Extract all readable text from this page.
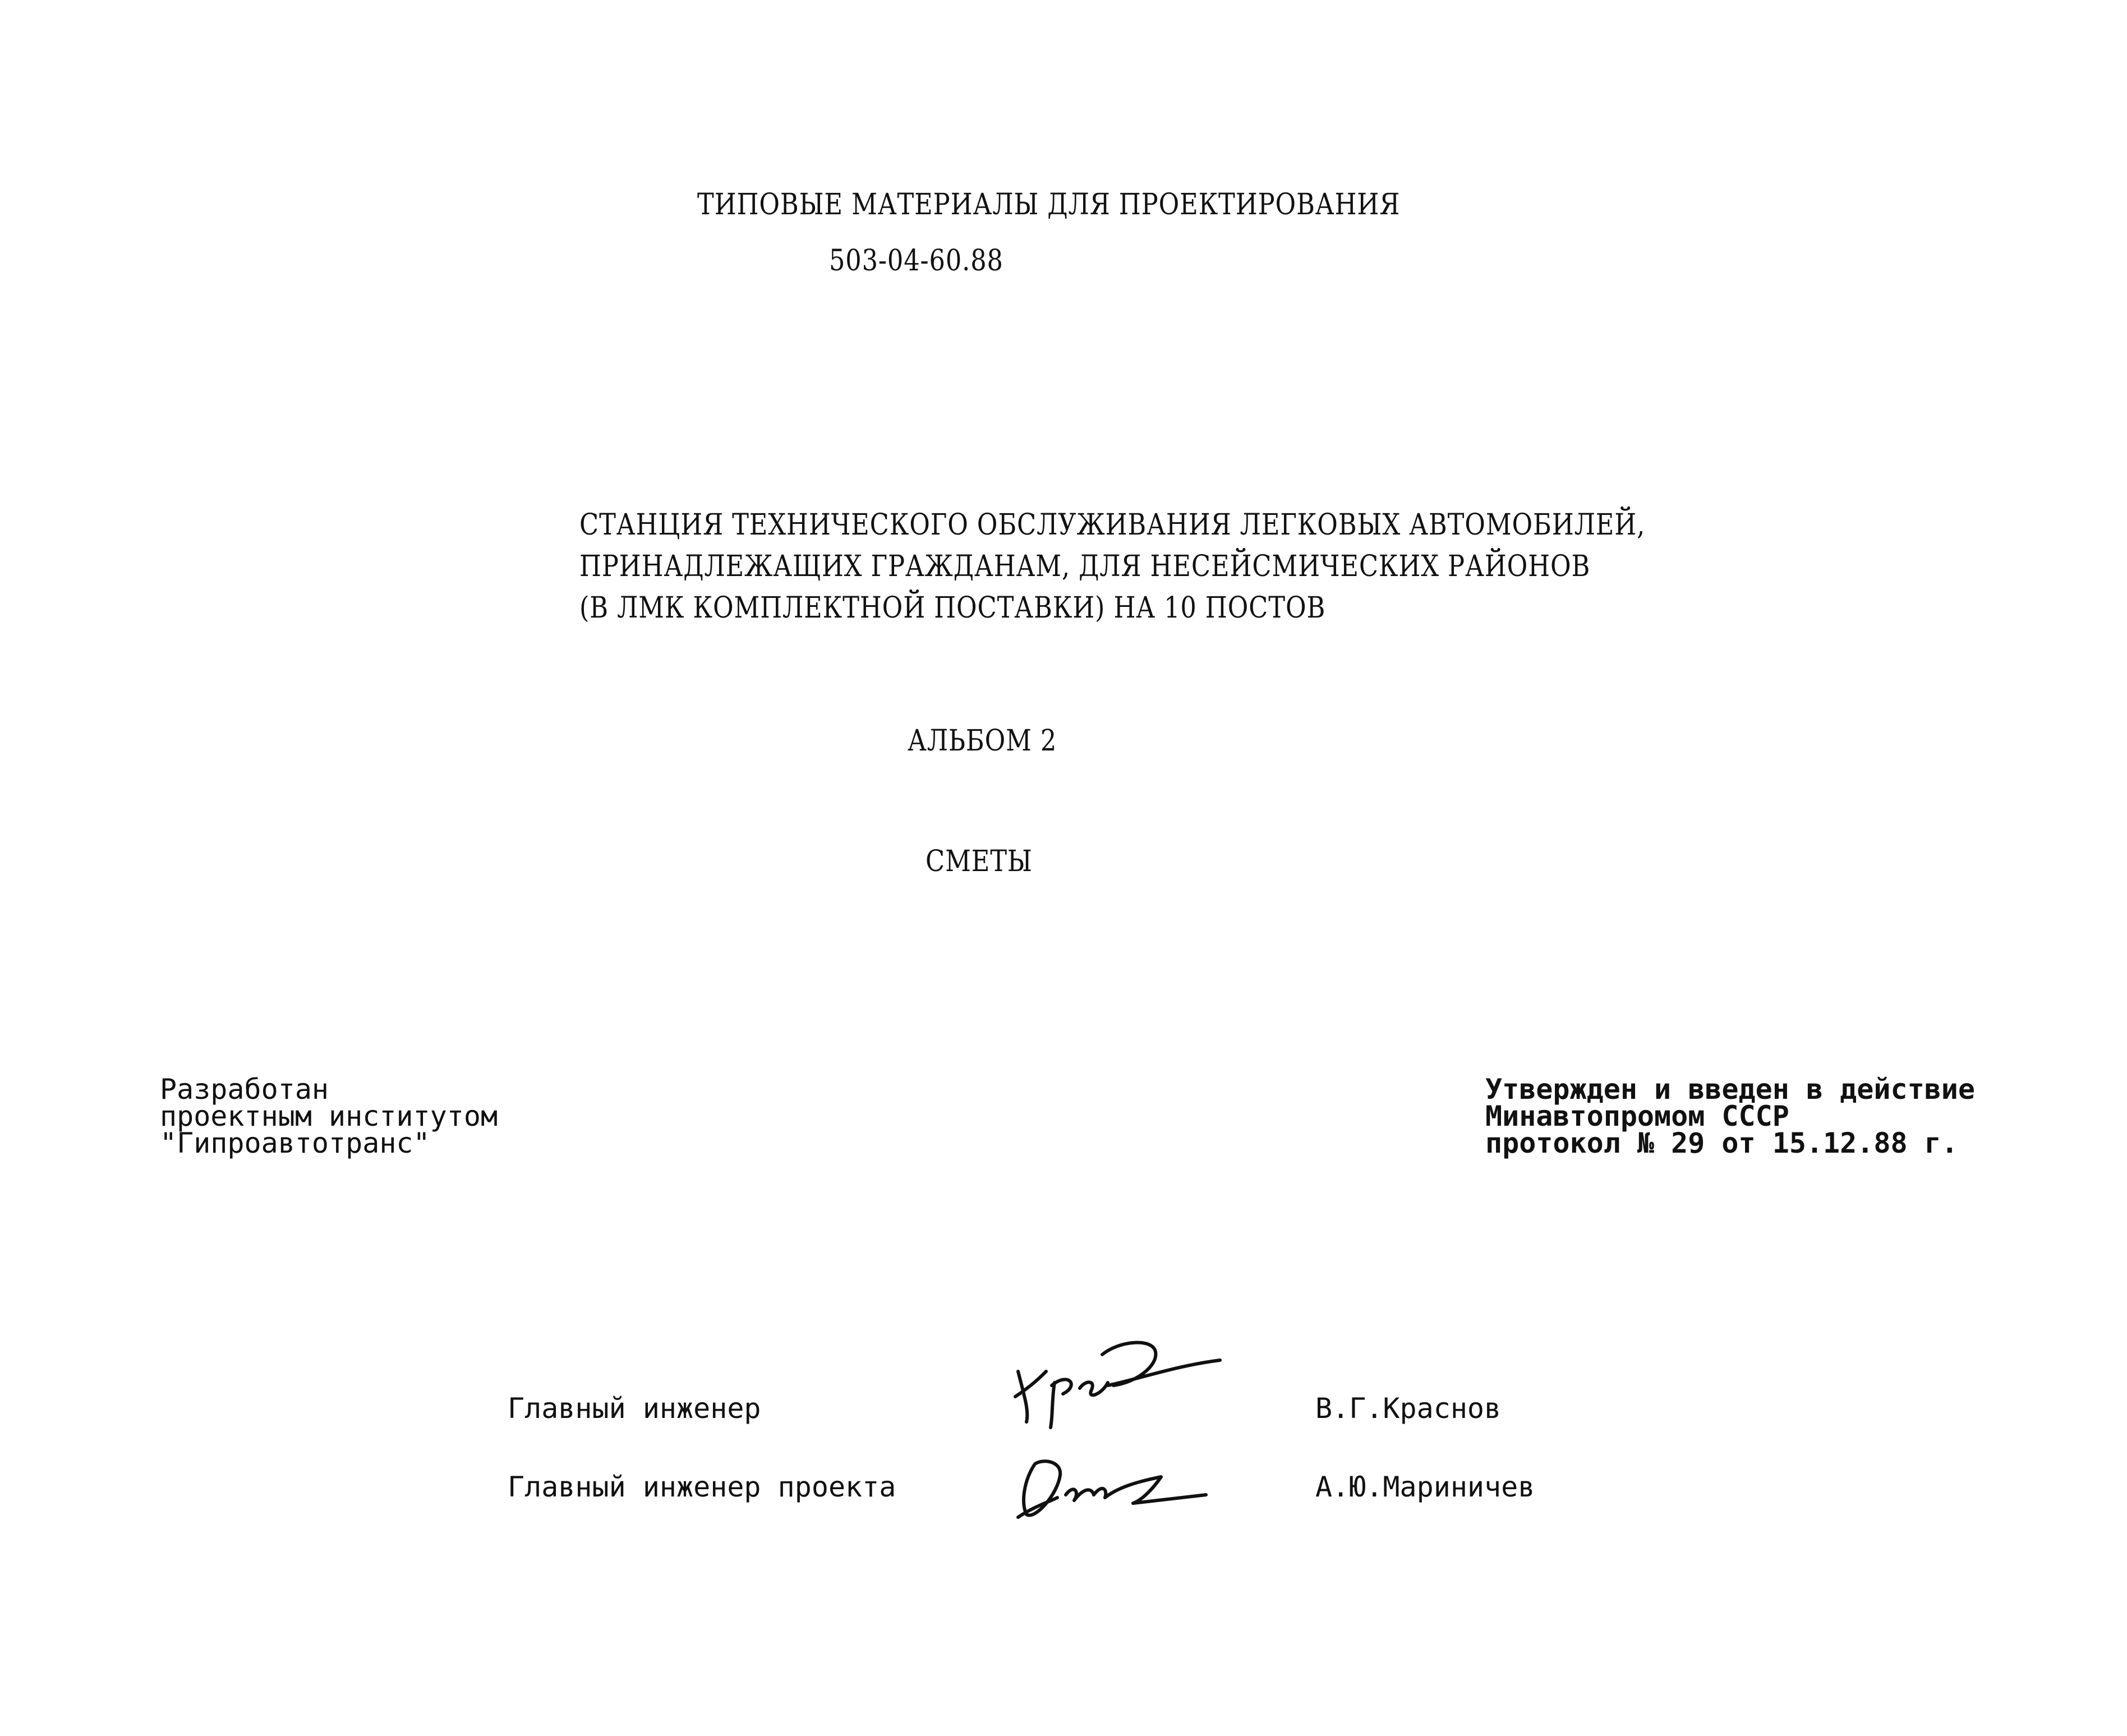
ТИПОВЫЕ МАТЕРИАЛЫ ДЛЯ ПРОЕКТИРОВАНИЯ
503-04-60.88
СТАНЦИЯ ТЕХНИЧЕСКОГО ОБСЛУЖИВАНИЯ ЛЕГКОВЫХ АВТОМОБИЛЕЙ,
ПРИНАДЛЕЖАЩИХ ГРАЖДАНАМ, ДЛЯ НЕСЕЙСМИЧЕСКИХ РАЙОНОВ
(В ЛМК КОМПЛЕКТНОЙ ПОСТАВКИ) НА 10 ПОСТОВ
АЛЬБОМ 2
СМЕТЫ
Разработан
проектным институтом
"Гипроавтотранс"
Утвержден и введен в действие
Минавтопромом СССР
протокол № 29 от 15.12.88 г.
Главный инженер	В.Г.Краснов
Главный инженер проекта	А.Ю.Мариничев
